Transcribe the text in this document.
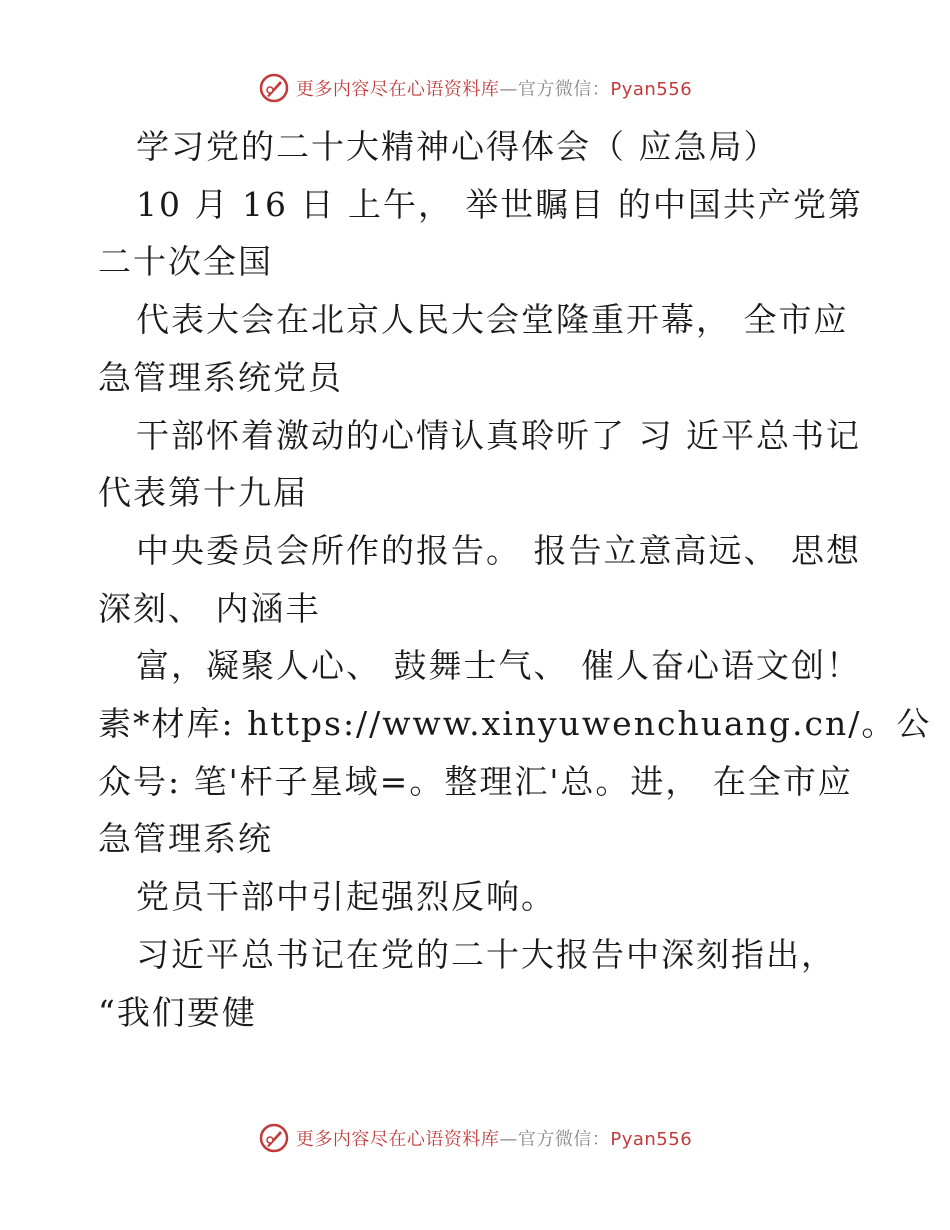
更多内容尽在心语资料库—官方微信：Pyan556
学习党的二十大精神心得体会（ 应急局）
10 月 16 日 上午， 举世瞩目 的中国共产党第
二十次全国
代表大会在北京人民大会堂隆重开幕， 全市应
急管理系统党员
干部怀着激动的心情认真聆听了 习 近平总书记
代表第十九届
中央委员会所作的报告。 报告立意高远、 思想
深刻、 内涵丰
富，凝聚人心、 鼓舞士气、 催人奋心语文创！
素*材库: https://www.xinyuwenchuang.cn/。公
众号: 笔'杆子星域=。整理汇'总。进， 在全市应
急管理系统
党员干部中引起强烈反响。
习近平总书记在党的二十大报告中深刻指出，
“我们要健
更多内容尽在心语资料库—官方微信：Pyan556
